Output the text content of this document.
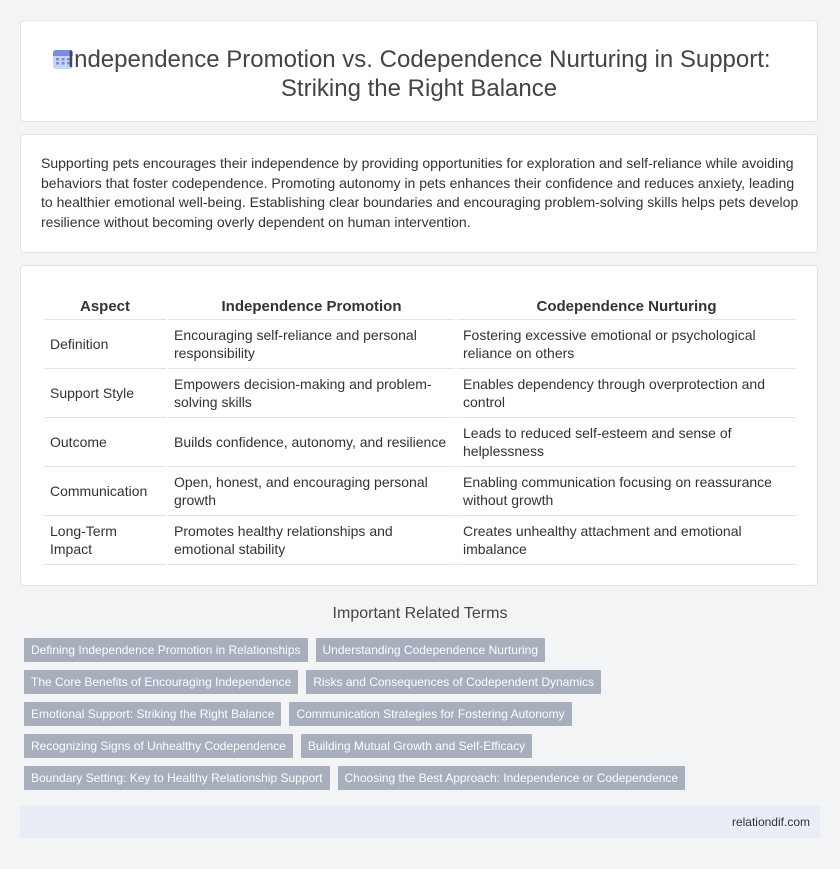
Independence Promotion vs. Codependence Nurturing in Support: Striking the Right Balance

Supporting pets encourages their independence by providing opportunities for exploration and self-reliance while avoiding behaviors that foster codependence. Promoting autonomy in pets enhances their confidence and reduces anxiety, leading to healthier emotional well-being. Establishing clear boundaries and encouraging problem-solving skills helps pets develop resilience without becoming overly dependent on human intervention.

Aspect	Independence Promotion	Codependence Nurturing
Definition	Encouraging self-reliance and personal responsibility	Fostering excessive emotional or psychological reliance on others
Support Style	Empowers decision-making and problem-solving skills	Enables dependency through overprotection and control
Outcome	Builds confidence, autonomy, and resilience	Leads to reduced self-esteem and sense of helplessness
Communication	Open, honest, and encouraging personal growth	Enabling communication focusing on reassurance without growth
Long-Term Impact	Promotes healthy relationships and emotional stability	Creates unhealthy attachment and emotional imbalance
Important Related Terms
Defining Independence Promotion in Relationships	Understanding Codependence Nurturing
The Core Benefits of Encouraging Independence	Risks and Consequences of Codependent Dynamics
Emotional Support: Striking the Right Balance	Communication Strategies for Fostering Autonomy
Recognizing Signs of Unhealthy Codependence	Building Mutual Growth and Self-Efficacy
Boundary Setting: Key to Healthy Relationship Support	Choosing the Best Approach: Independence or Codependence
relationdif.com
